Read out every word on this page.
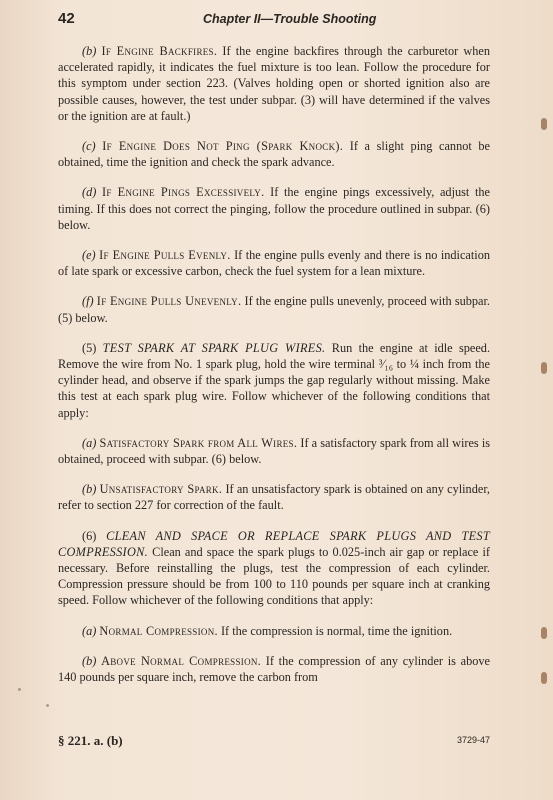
42	Chapter II—Trouble Shooting

(b) If Engine Backfires. If the engine backfires through the carburetor when accelerated rapidly, it indicates the fuel mixture is too lean. Follow the procedure for this symptom under section 223. (Valves holding open or shorted ignition also are possible causes, however, the test under subpar. (3) will have determined if the valves or the ignition are at fault.)

(c) If Engine Does Not Ping (Spark Knock). If a slight ping cannot be obtained, time the ignition and check the spark advance.

(d) If Engine Pings Excessively. If the engine pings excessively, adjust the timing. If this does not correct the pinging, follow the procedure outlined in subpar. (6) below.

(e) If Engine Pulls Evenly. If the engine pulls evenly and there is no indication of late spark or excessive carbon, check the fuel system for a lean mixture.

(f) If Engine Pulls Unevenly. If the engine pulls unevenly, proceed with subpar. (5) below.

(5) TEST SPARK AT SPARK PLUG WIRES. Run the engine at idle speed. Remove the wire from No. 1 spark plug, hold the wire terminal ³⁄₁₆ to ¼ inch from the cylinder head, and observe if the spark jumps the gap regularly without missing. Make this test at each spark plug wire. Follow whichever of the following conditions that apply:

(a) Satisfactory Spark from All Wires. If a satisfactory spark from all wires is obtained, proceed with subpar. (6) below.

(b) Unsatisfactory Spark. If an unsatisfactory spark is obtained on any cylinder, refer to section 227 for correction of the fault.

(6) CLEAN AND SPACE OR REPLACE SPARK PLUGS AND TEST COMPRESSION. Clean and space the spark plugs to 0.025-inch air gap or replace if necessary. Before reinstalling the plugs, test the compression of each cylinder. Compression pressure should be from 100 to 110 pounds per square inch at cranking speed. Follow whichever of the following conditions that apply:

(a) Normal Compression. If the compression is normal, time the ignition.

(b) Above Normal Compression. If the compression of any cylinder is above 140 pounds per square inch, remove the carbon from

§ 221. a. (b)	3729-47
